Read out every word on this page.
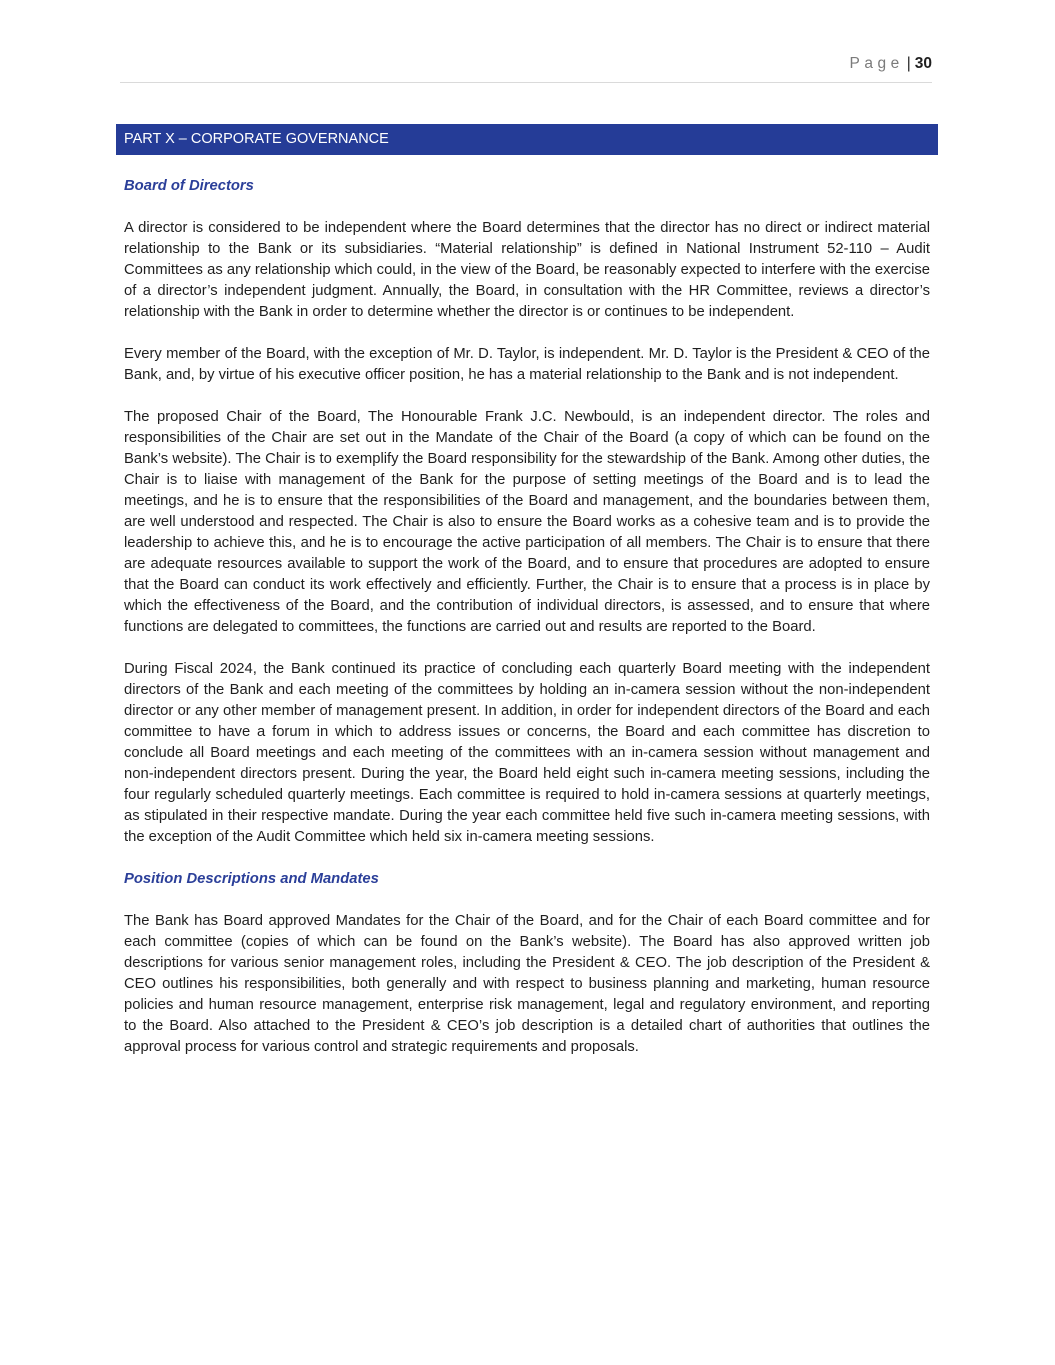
Page | 30
PART X – CORPORATE GOVERNANCE
Board of Directors

A director is considered to be independent where the Board determines that the director has no direct or indirect material relationship to the Bank or its subsidiaries. “Material relationship” is defined in National Instrument 52-110 – Audit Committees as any relationship which could, in the view of the Board, be reasonably expected to interfere with the exercise of a director’s independent judgment. Annually, the Board, in consultation with the HR Committee, reviews a director’s relationship with the Bank in order to determine whether the director is or continues to be independent.

Every member of the Board, with the exception of Mr. D. Taylor, is independent. Mr. D. Taylor is the President & CEO of the Bank, and, by virtue of his executive officer position, he has a material relationship to the Bank and is not independent.

The proposed Chair of the Board, The Honourable Frank J.C. Newbould, is an independent director. The roles and responsibilities of the Chair are set out in the Mandate of the Chair of the Board (a copy of which can be found on the Bank’s website). The Chair is to exemplify the Board responsibility for the stewardship of the Bank. Among other duties, the Chair is to liaise with management of the Bank for the purpose of setting meetings of the Board and is to lead the meetings, and he is to ensure that the responsibilities of the Board and management, and the boundaries between them, are well understood and respected. The Chair is also to ensure the Board works as a cohesive team and is to provide the leadership to achieve this, and he is to encourage the active participation of all members. The Chair is to ensure that there are adequate resources available to support the work of the Board, and to ensure that procedures are adopted to ensure that the Board can conduct its work effectively and efficiently. Further, the Chair is to ensure that a process is in place by which the effectiveness of the Board, and the contribution of individual directors, is assessed, and to ensure that where functions are delegated to committees, the functions are carried out and results are reported to the Board.

During Fiscal 2024, the Bank continued its practice of concluding each quarterly Board meeting with the independent directors of the Bank and each meeting of the committees by holding an in-camera session without the non-independent director or any other member of management present. In addition, in order for independent directors of the Board and each committee to have a forum in which to address issues or concerns, the Board and each committee has discretion to conclude all Board meetings and each meeting of the committees with an in-camera session without management and non-independent directors present. During the year, the Board held eight such in-camera meeting sessions, including the four regularly scheduled quarterly meetings. Each committee is required to hold in-camera sessions at quarterly meetings, as stipulated in their respective mandate. During the year each committee held five such in-camera meeting sessions, with the exception of the Audit Committee which held six in-camera meeting sessions.

Position Descriptions and Mandates

The Bank has Board approved Mandates for the Chair of the Board, and for the Chair of each Board committee and for each committee (copies of which can be found on the Bank’s website). The Board has also approved written job descriptions for various senior management roles, including the President & CEO. The job description of the President & CEO outlines his responsibilities, both generally and with respect to business planning and marketing, human resource policies and human resource management, enterprise risk management, legal and regulatory environment, and reporting to the Board. Also attached to the President & CEO’s job description is a detailed chart of authorities that outlines the approval process for various control and strategic requirements and proposals.
